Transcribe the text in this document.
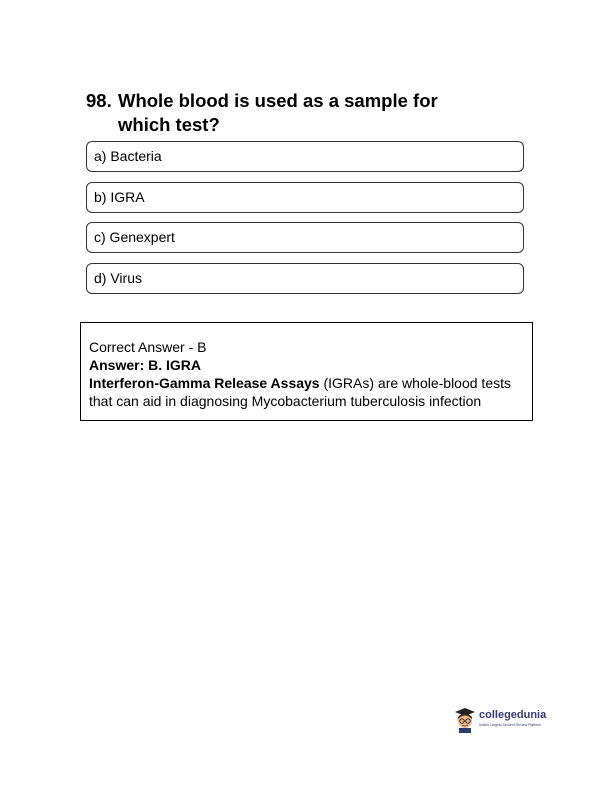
98. Whole blood is used as a sample for
which test?
a) Bacteria
b) IGRA
c) Genexpert
d) Virus
Correct Answer - B
Answer: B. IGRA
Interferon-Gamma Release Assays (IGRAs) are whole-blood tests
that can aid in diagnosing Mycobacterium tuberculosis infection
collegedunia
India's Largest Student Review Platform
